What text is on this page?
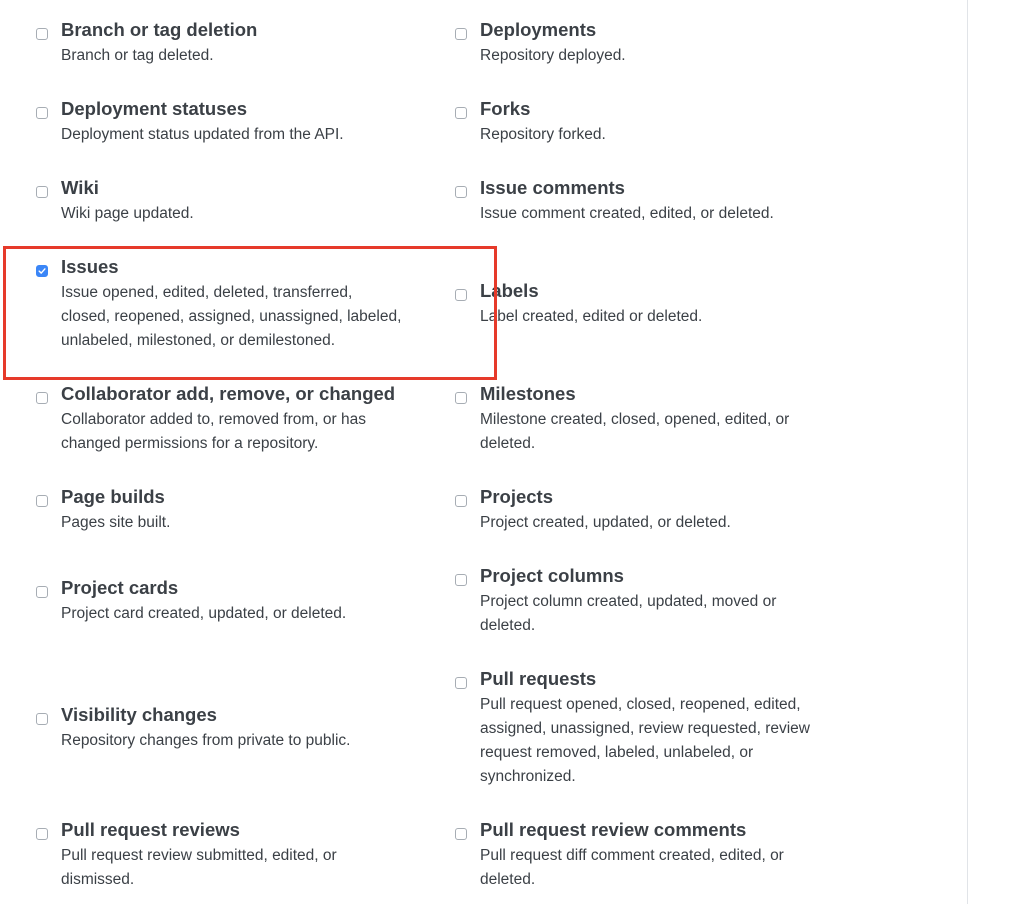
Branch or tag deletion
Branch or tag deleted.
Deployment statuses
Deployment status updated from the API.
Wiki
Wiki page updated.
Issues
Issue opened, edited, deleted, transferred,
closed, reopened, assigned, unassigned, labeled,
unlabeled, milestoned, or demilestoned.
Collaborator add, remove, or changed
Collaborator added to, removed from, or has
changed permissions for a repository.
Page builds
Pages site built.
Project cards
Project card created, updated, or deleted.
Visibility changes
Repository changes from private to public.
Pull request reviews
Pull request review submitted, edited, or
dismissed.
Deployments
Repository deployed.
Forks
Repository forked.
Issue comments
Issue comment created, edited, or deleted.
Labels
Label created, edited or deleted.
Milestones
Milestone created, closed, opened, edited, or
deleted.
Projects
Project created, updated, or deleted.
Project columns
Project column created, updated, moved or
deleted.
Pull requests
Pull request opened, closed, reopened, edited,
assigned, unassigned, review requested, review
request removed, labeled, unlabeled, or
synchronized.
Pull request review comments
Pull request diff comment created, edited, or
deleted.
